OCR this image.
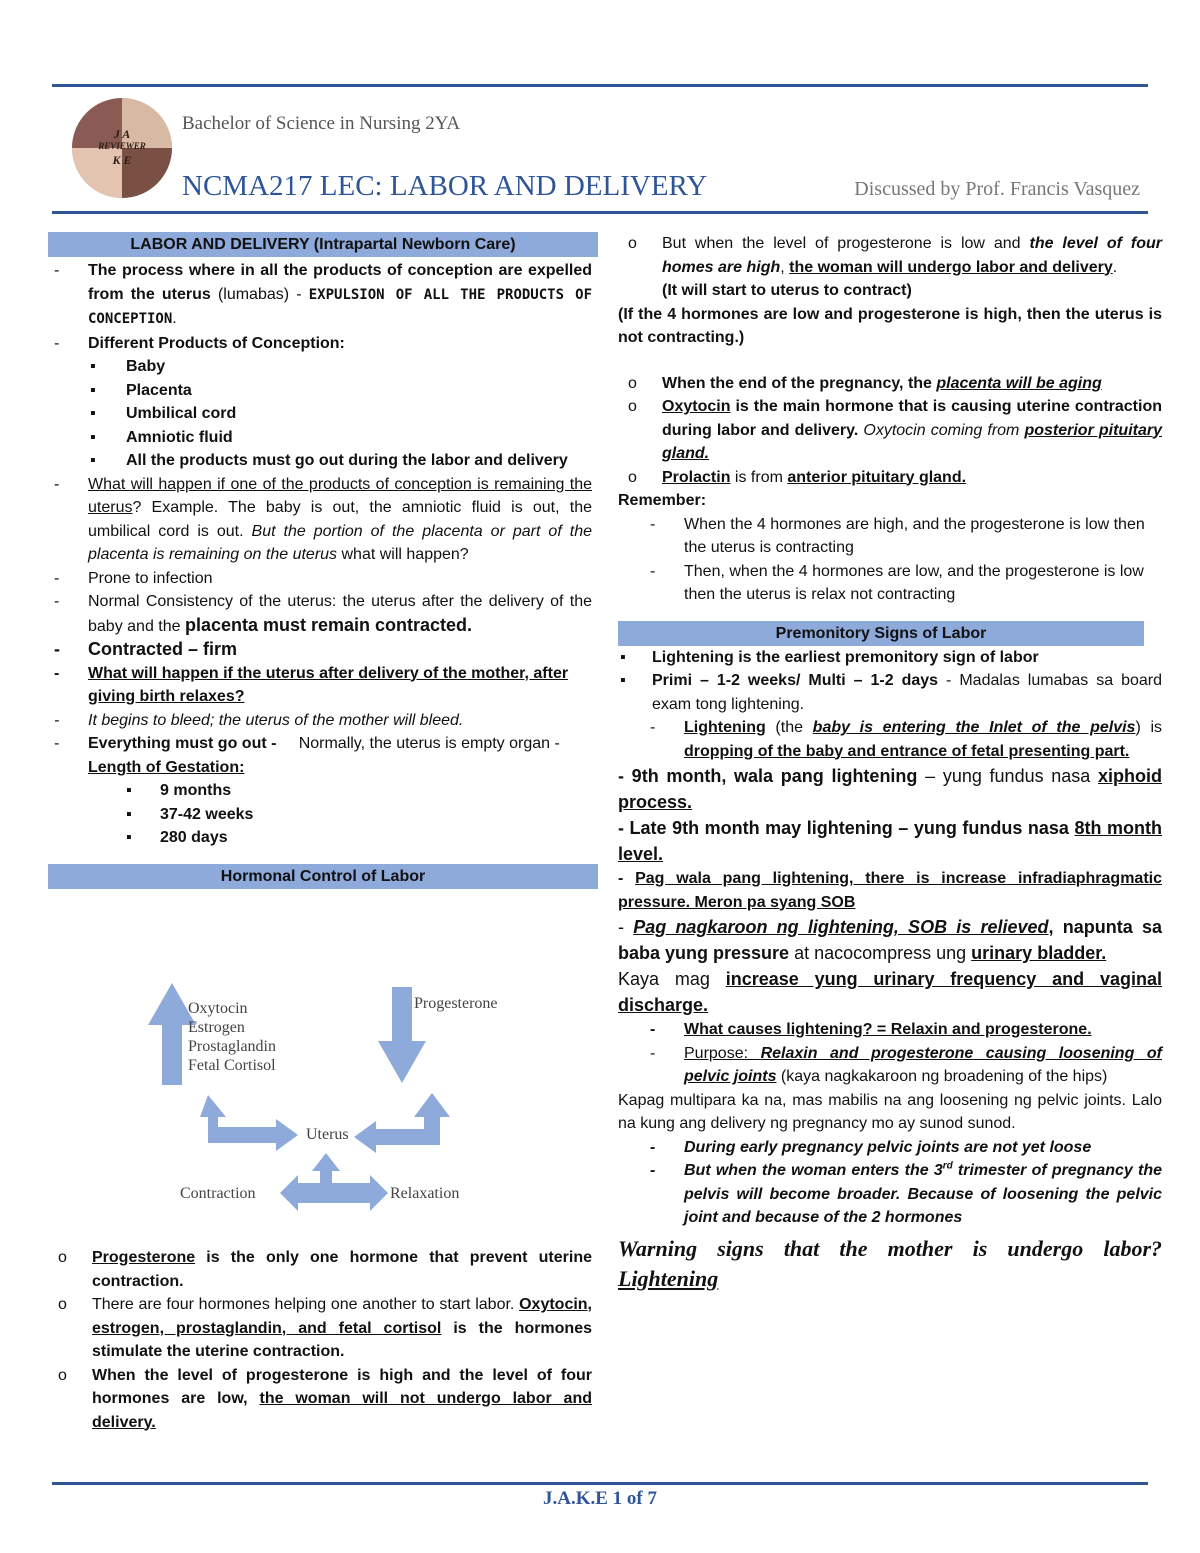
J A
REVIEWER
K E
Bachelor of Science in Nursing 2YA
NCMA217 LEC: LABOR AND DELIVERY	Discussed by Prof. Francis Vasquez
LABOR AND DELIVERY (Intrapartal Newborn Care)
- The process where in all the products of conception are expelled from the uterus (lumabas) - EXPULSION OF ALL THE PRODUCTS OF CONCEPTION.
- Different Products of Conception:
▪ Baby
▪ Placenta
▪ Umbilical cord
▪ Amniotic fluid
▪ All the products must go out during the labor and delivery
- What will happen if one of the products of conception is remaining the uterus? Example. The baby is out, the amniotic fluid is out, the umbilical cord is out. But the portion of the placenta or part of the placenta is remaining on the uterus what will happen?
- Prone to infection
- Normal Consistency of the uterus: the uterus after the delivery of the baby and the placenta must remain contracted.
- Contracted – firm
- What will happen if the uterus after delivery of the mother, after giving birth relaxes?
- It begins to bleed; the uterus of the mother will bleed.
- Everything must go out - Normally, the uterus is empty organ -        Length of Gestation:
▪ 9 months
▪ 37-42 weeks
▪ 280 days
Hormonal Control of Labor
Oxytocin
Estrogen
Prostaglandin
Fetal Cortisol
Progesterone
Uterus
Contraction	Relaxation
o Progesterone is the only one hormone that prevent uterine contraction.
o There are four hormones helping one another to start labor. Oxytocin, estrogen, prostaglandin, and fetal cortisol is the hormones stimulate the uterine contraction.
o When the level of progesterone is high and the level of four hormones are low, the woman will not undergo labor and delivery.
o But when the level of progesterone is low and the level of four homes are high, the woman will undergo labor and delivery.
(It will start to uterus to contract)

(If the 4 hormones are low and progesterone is high, then the uterus is not contracting.)

o When the end of the pregnancy, the placenta will be aging
o Oxytocin is the main hormone that is causing uterine contraction during labor and delivery. Oxytocin coming from posterior pituitary gland.
o Prolactin is from anterior pituitary gland.

Remember:

- When the 4 hormones are high, and the progesterone is low then the uterus is contracting
- Then, when the 4 hormones are low, and the progesterone is low then the uterus is relax not contracting
Premonitory Signs of Labor
▪ Lightening is the earliest premonitory sign of labor
▪ Primi – 1-2 weeks/ Multi – 1-2 days - Madalas lumabas sa board exam tong lightening.
- Lightening (the baby is entering the Inlet of the pelvis) is dropping of the baby and entrance of fetal presenting part.

- 9th month, wala pang lightening – yung fundus nasa xiphoid process.

- Late 9th month may lightening – yung fundus nasa 8th month level.

- Pag wala pang lightening, there is increase infradiaphragmatic pressure. Meron pa syang SOB

- Pag nagkaroon ng lightening, SOB is relieved, napunta sa baba yung pressure at nacocompress ung urinary bladder.

Kaya mag increase yung urinary frequency and vaginal discharge.

- What causes lightening? = Relaxin and progesterone.
- Purpose: Relaxin and progesterone causing loosening of pelvic joints (kaya nagkakaroon ng broadening of the hips)

Kapag multipara ka na, mas mabilis na ang loosening ng pelvic joints. Lalo na kung ang delivery ng pregnancy mo ay sunod sunod.

- During early pregnancy pelvic joints are not yet loose
- But when the woman enters the 3rd trimester of pregnancy the pelvis will become broader. Because of loosening the pelvic joint and because of the 2 hormones

Warning signs that the mother is undergo labor? Lightening

J.A.K.E 1 of 7
